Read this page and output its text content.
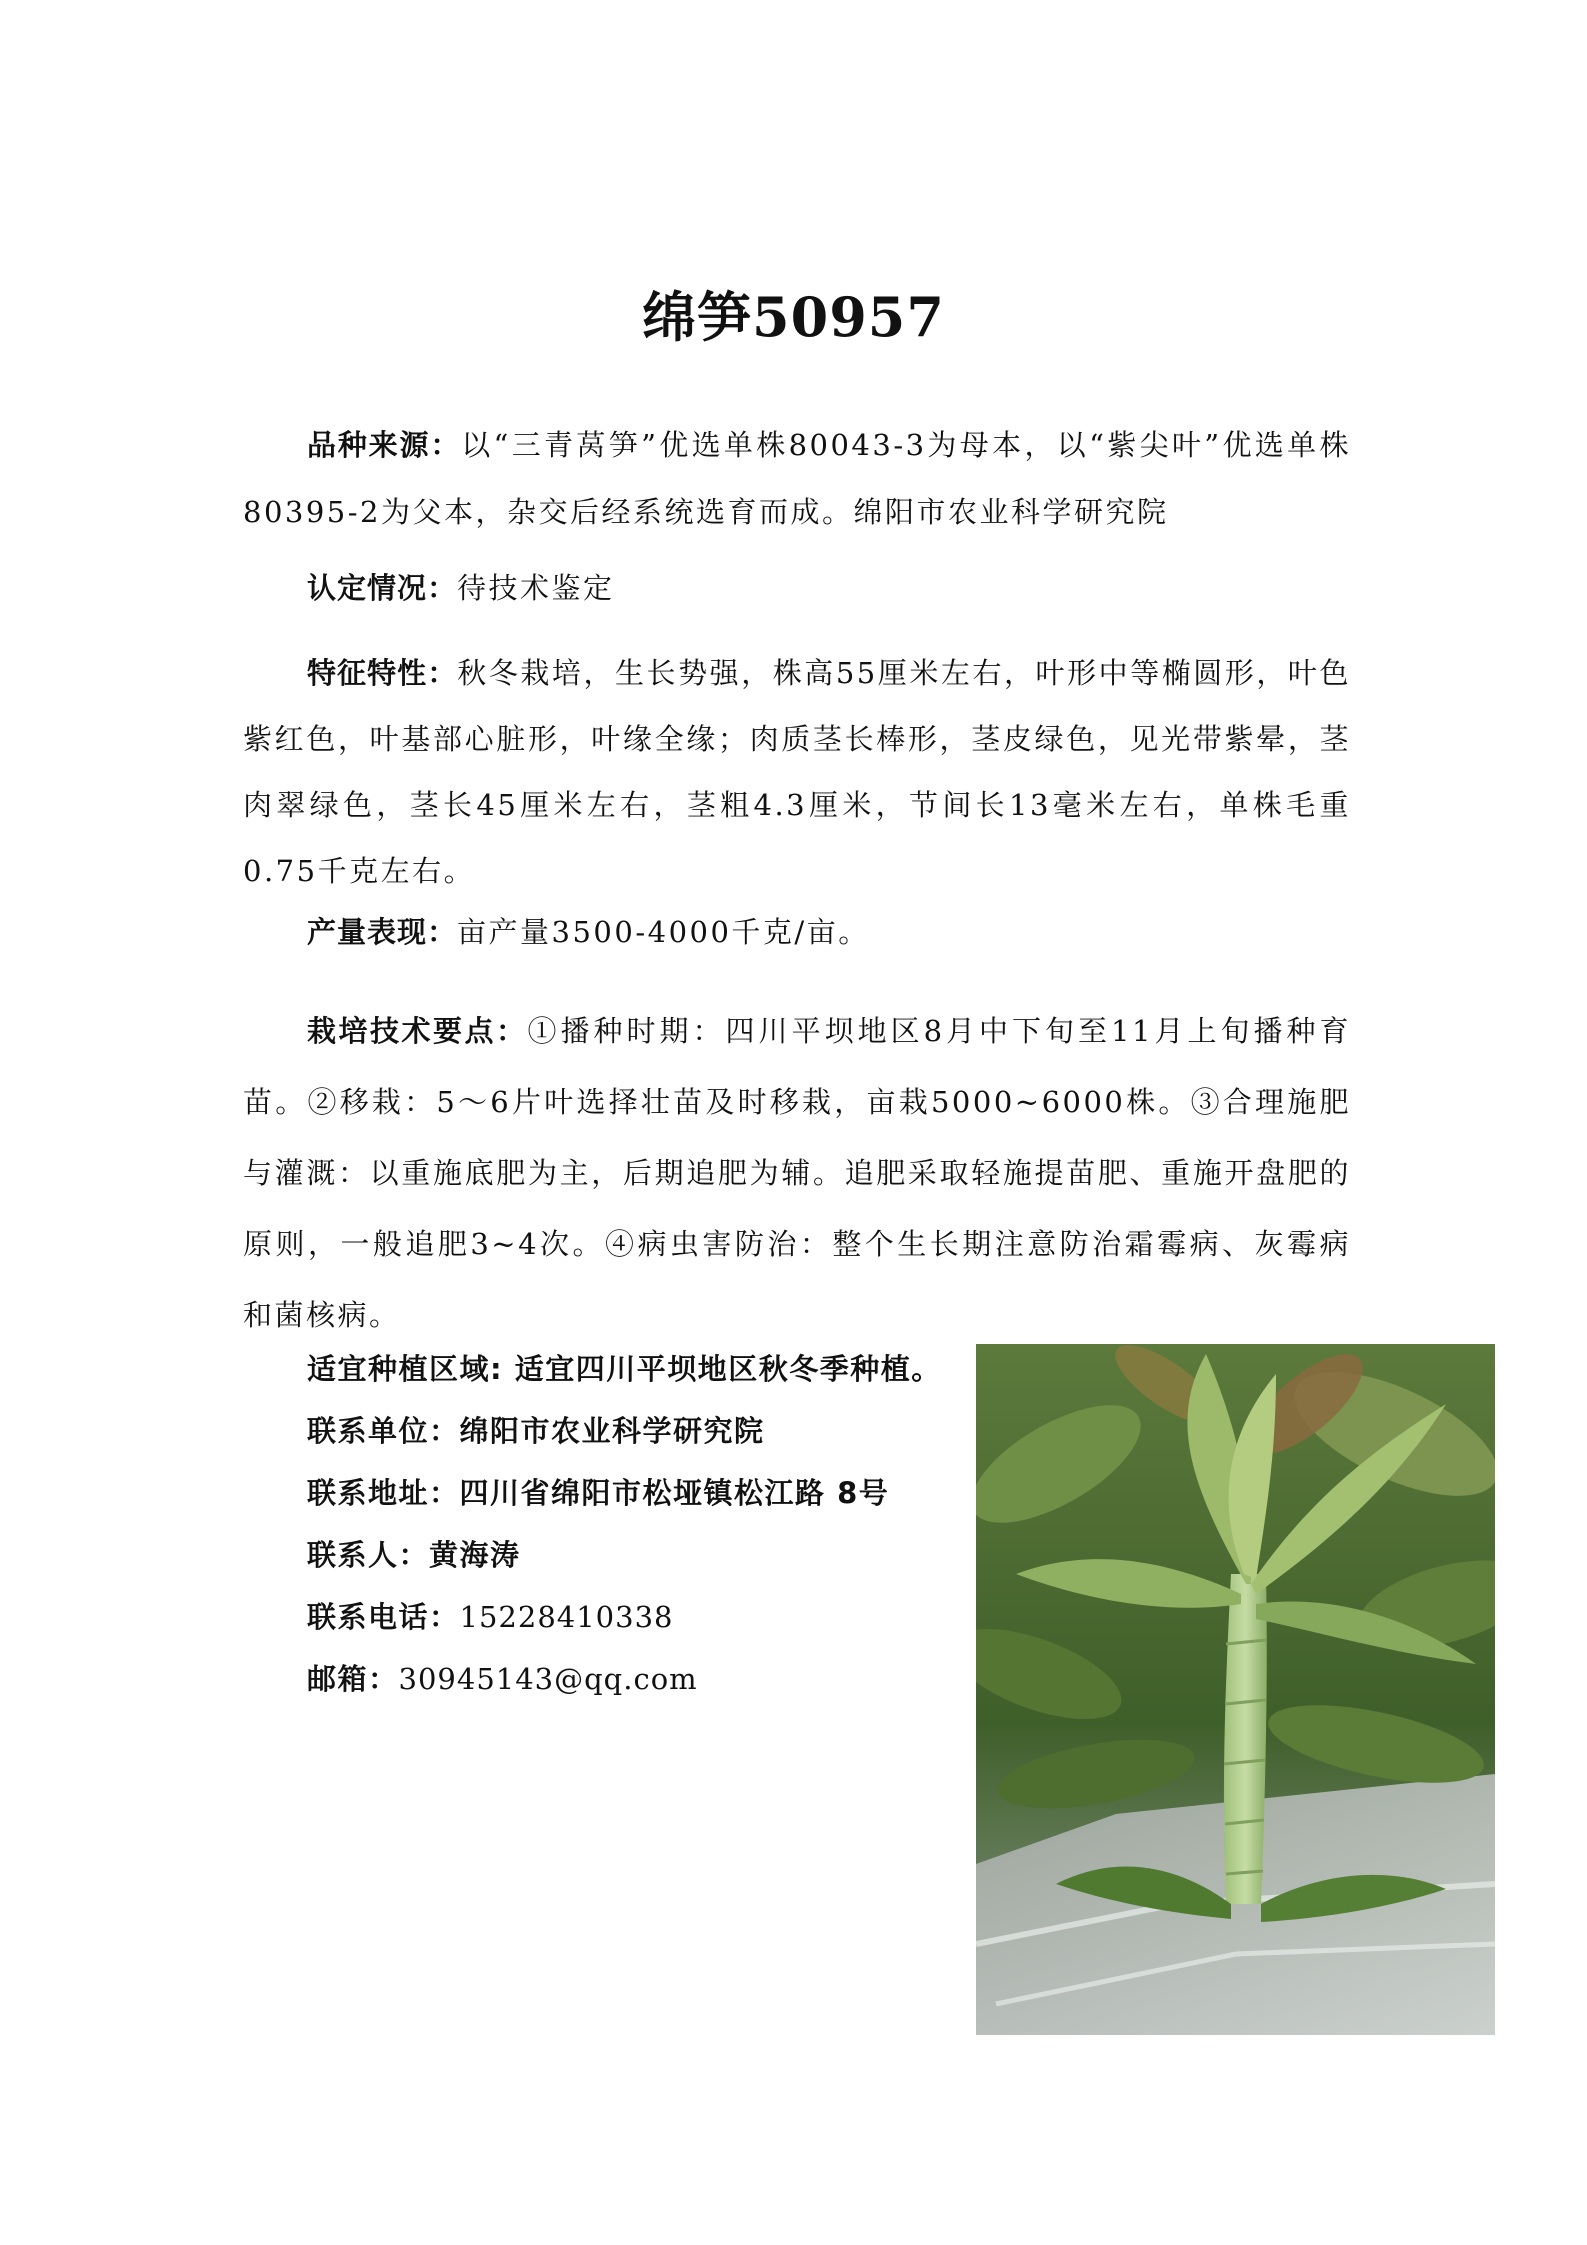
绵笋50957

品种来源：以“三青莴笋”优选单株80043-3为母本，以“紫尖叶”优选单株80395-2为父本，杂交后经系统选育而成。绵阳市农业科学研究院

认定情况：待技术鉴定

特征特性：秋冬栽培，生长势强，株高55厘米左右，叶形中等椭圆形，叶色紫红色，叶基部心脏形，叶缘全缘；肉质茎长棒形，茎皮绿色，见光带紫晕，茎肉翠绿色，茎长45厘米左右，茎粗4.3厘米，节间长13毫米左右，单株毛重0.75千克左右。

产量表现：亩产量3500-4000千克/亩。

栽培技术要点：①播种时期：四川平坝地区8月中下旬至11月上旬播种育苗。②移栽：5～6片叶选择壮苗及时移栽，亩栽5000~6000株。③合理施肥与灌溉：以重施底肥为主，后期追肥为辅。追肥采取轻施提苗肥、重施开盘肥的原则，一般追肥3~4次。④病虫害防治：整个生长期注意防治霜霉病、灰霉病和菌核病。

适宜种植区域: 适宜四川平坝地区秋冬季种植。
联系单位：绵阳市农业科学研究院
联系地址：四川省绵阳市松垭镇松江路 8号
联系人：黄海涛
联系电话：15228410338
邮箱：30945143@qq.com
